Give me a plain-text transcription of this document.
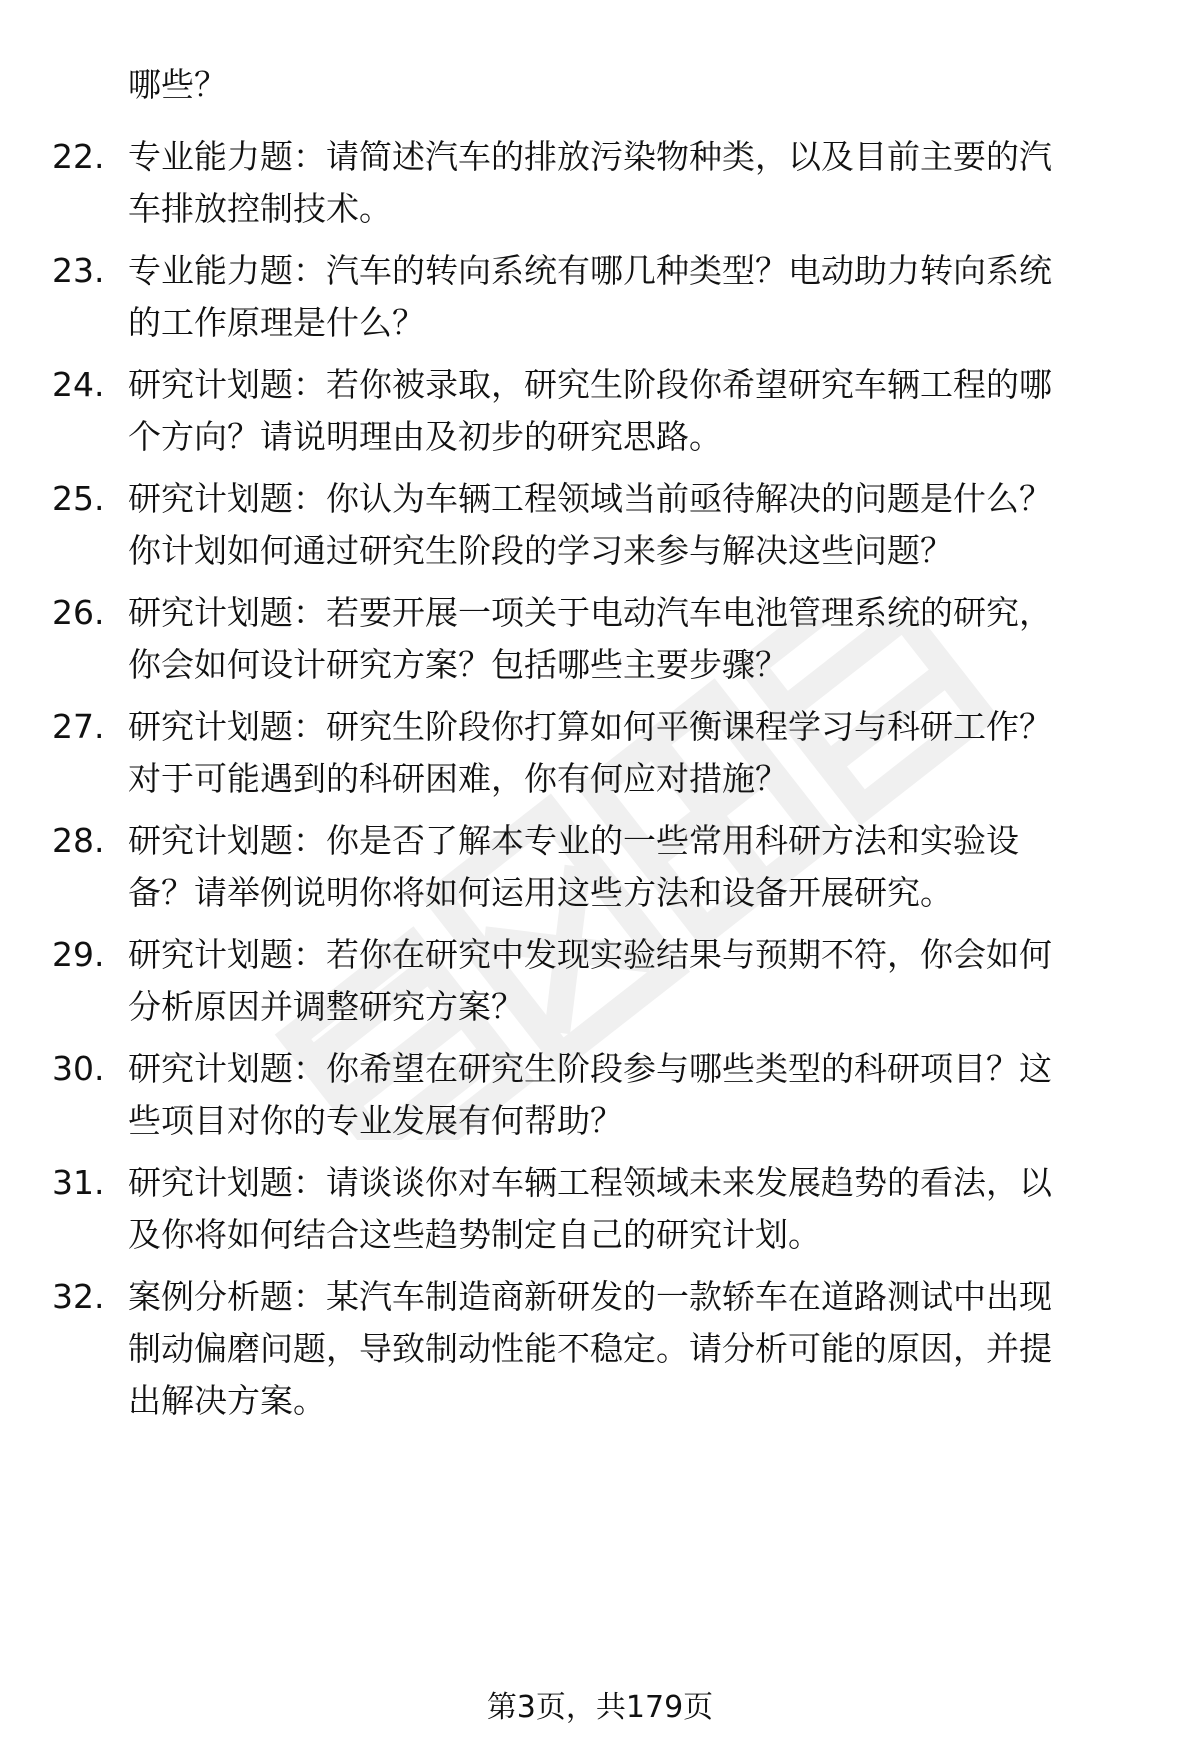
哪些？
22. 专业能力题：请简述汽车的排放污染物种类，以及目前主要的汽
车排放控制技术。
23. 专业能力题：汽车的转向系统有哪几种类型？电动助力转向系统
的工作原理是什么？
24. 研究计划题：若你被录取，研究生阶段你希望研究车辆工程的哪
个方向？请说明理由及初步的研究思路。
25. 研究计划题：你认为车辆工程领域当前亟待解决的问题是什么？
你计划如何通过研究生阶段的学习来参与解决这些问题？
26. 研究计划题：若要开展一项关于电动汽车电池管理系统的研究，
你会如何设计研究方案？包括哪些主要步骤？
27. 研究计划题：研究生阶段你打算如何平衡课程学习与科研工作？
对于可能遇到的科研困难，你有何应对措施？
28. 研究计划题：你是否了解本专业的一些常用科研方法和实验设
备？请举例说明你将如何运用这些方法和设备开展研究。
29. 研究计划题：若你在研究中发现实验结果与预期不符，你会如何
分析原因并调整研究方案？
30. 研究计划题：你希望在研究生阶段参与哪些类型的科研项目？这
些项目对你的专业发展有何帮助？
31. 研究计划题：请谈谈你对车辆工程领域未来发展趋势的看法，以
及你将如何结合这些趋势制定自己的研究计划。
32. 案例分析题：某汽车制造商新研发的一款轿车在道路测试中出现
制动偏磨问题，导致制动性能不稳定。请分析可能的原因，并提
出解决方案。
第3页，共179页
